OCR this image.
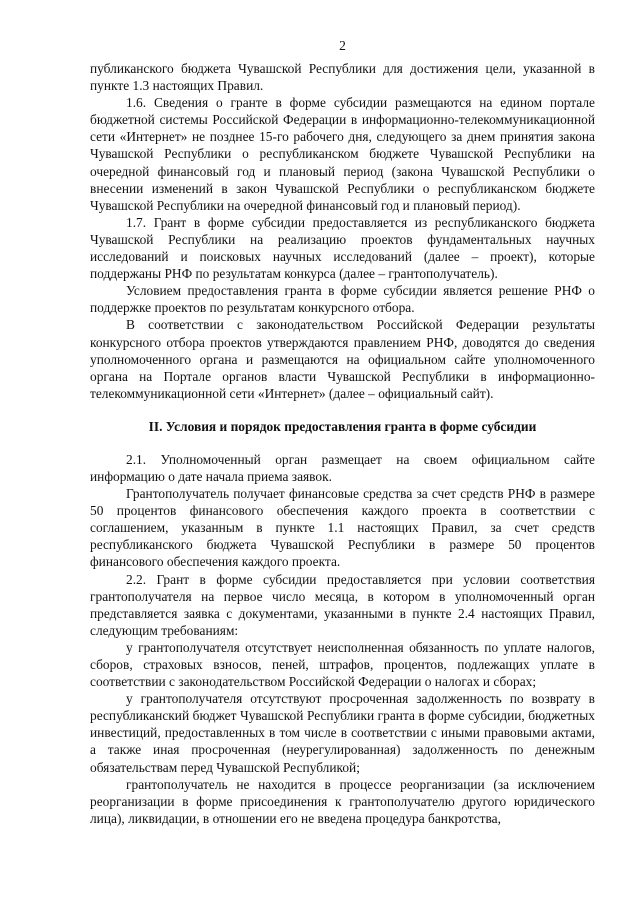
2

публиканского бюджета Чувашской Республики для достижения цели, указанной в пункте 1.3 настоящих Правил.

1.6. Сведения о гранте в форме субсидии размещаются на едином портале бюджетной системы Российской Федерации в информационно-телекоммуникационной сети «Интернет» не позднее 15-го рабочего дня, следующего за днем принятия закона Чувашской Республики о республиканском бюджете Чувашской Республики на очередной финансовый год и плановый период (закона Чувашской Республики о внесении изменений в закон Чувашской Республики о республиканском бюджете Чувашской Республики на очередной финансовый год и плановый период).

1.7. Грант в форме субсидии предоставляется из республиканского бюджета Чувашской Республики на реализацию проектов фундаментальных научных исследований и поисковых научных исследований (далее – проект), которые поддержаны РНФ по результатам конкурса (далее – грантополучатель).

Условием предоставления гранта в форме субсидии является решение РНФ о поддержке проектов по результатам конкурсного отбора.

В соответствии с законодательством Российской Федерации результаты конкурсного отбора проектов утверждаются правлением РНФ, доводятся до сведения уполномоченного органа и размещаются на официальном сайте уполномоченного органа на Портале органов власти Чувашской Республики в информационно-телекоммуникационной сети «Интернет» (далее – официальный сайт).

II. Условия и порядок предоставления гранта в форме субсидии

2.1. Уполномоченный орган размещает на своем официальном сайте информацию о дате начала приема заявок.

Грантополучатель получает финансовые средства за счет средств РНФ в размере 50 процентов финансового обеспечения каждого проекта в соответствии с соглашением, указанным в пункте 1.1 настоящих Правил, за счет средств республиканского бюджета Чувашской Республики в размере 50 процентов финансового обеспечения каждого проекта.

2.2. Грант в форме субсидии предоставляется при условии соответствия грантополучателя на первое число месяца, в котором в уполномоченный орган представляется заявка с документами, указанными в пункте 2.4 настоящих Правил, следующим требованиям:

у грантополучателя отсутствует неисполненная обязанность по уплате налогов, сборов, страховых взносов, пеней, штрафов, процентов, подлежащих уплате в соответствии с законодательством Российской Федерации о налогах и сборах;

у грантополучателя отсутствуют просроченная задолженность по возврату в республиканский бюджет Чувашской Республики гранта в форме субсидии, бюджетных инвестиций, предоставленных в том числе в соответствии с иными правовыми актами, а также иная просроченная (неурегулированная) задолженность по денежным обязательствам перед Чувашской Республикой;

грантополучатель не находится в процессе реорганизации (за исключением реорганизации в форме присоединения к грантополучателю другого юридического лица), ликвидации, в отношении его не введена процедура банкротства,
